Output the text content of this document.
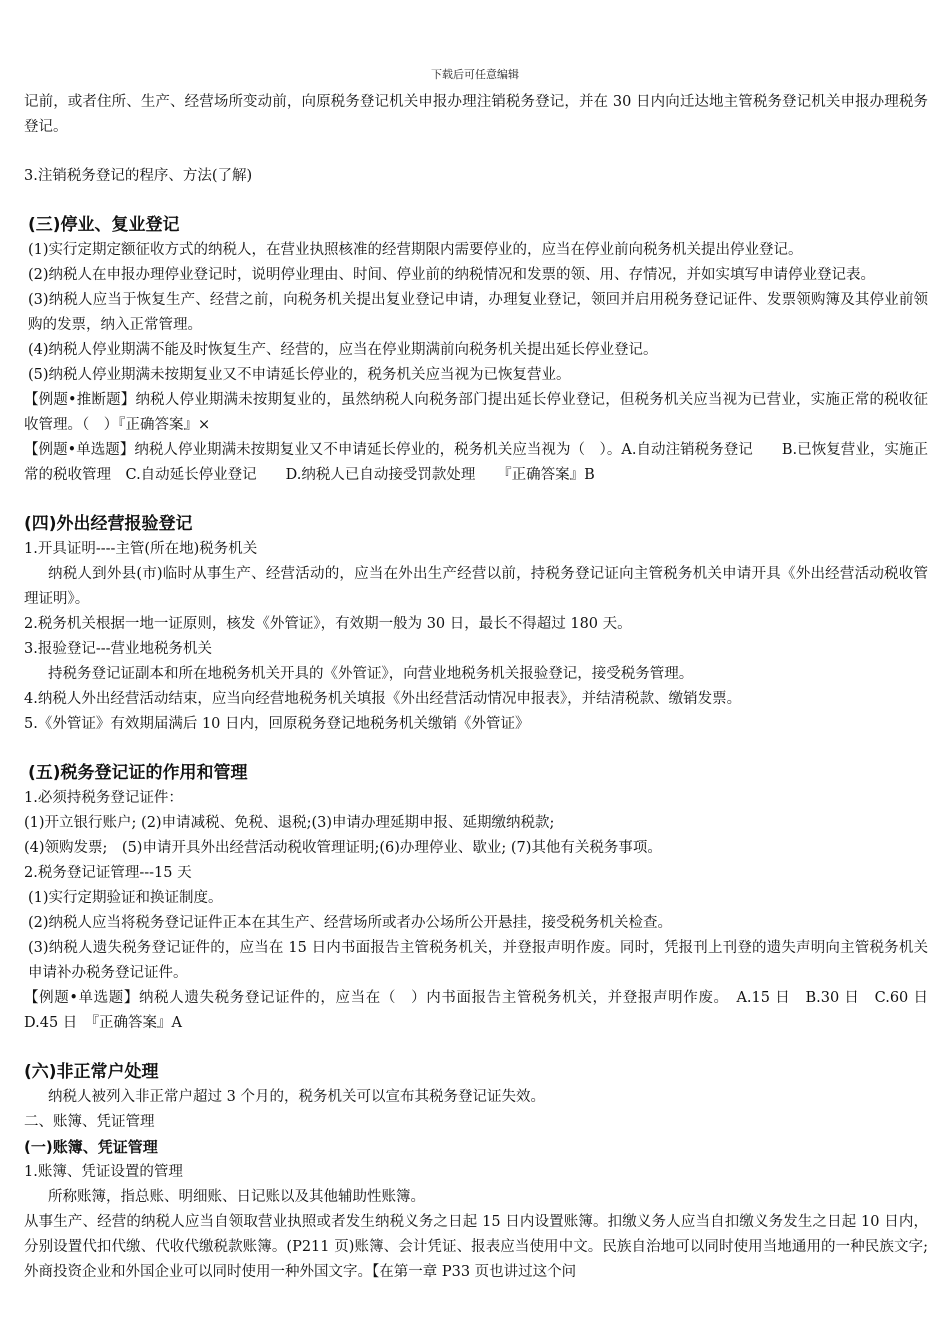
下载后可任意编辑

记前，或者住所、生产、经营场所变动前，向原税务登记机关申报办理注销税务登记，并在 30 日内向迁达地主管税务登记机关申报办理税务登记。

3.注销税务登记的程序、方法(了解)

(三)停业、复业登记

(1)实行定期定额征收方式的纳税人，在营业执照核准的经营期限内需要停业的，应当在停业前向税务机关提出停业登记。

(2)纳税人在申报办理停业登记时，说明停业理由、时间、停业前的纳税情况和发票的领、用、存情况，并如实填写申请停业登记表。

(3)纳税人应当于恢复生产、经营之前，向税务机关提出复业登记申请，办理复业登记，领回并启用税务登记证件、发票领购簿及其停业前领购的发票，纳入正常管理。

(4)纳税人停业期满不能及时恢复生产、经营的，应当在停业期满前向税务机关提出延长停业登记。

(5)纳税人停业期满未按期复业又不申请延长停业的，税务机关应当视为已恢复营业。

【例题•推断题】纳税人停业期满未按期复业的，虽然纳税人向税务部门提出延长停业登记，但税务机关应当视为已营业，实施正常的税收征收管理。（　）『正确答案』×

【例题•单选题】纳税人停业期满未按期复业又不申请延长停业的，税务机关应当视为（　）。A.自动注销税务登记　　B.已恢复营业，实施正常的税收管理　C.自动延长停业登记　　D.纳税人已自动接受罚款处理　　『正确答案』B

(四)外出经营报验登记

1.开具证明----主管(所在地)税务机关

纳税人到外县(市)临时从事生产、经营活动的，应当在外出生产经营以前，持税务登记证向主管税务机关申请开具《外出经营活动税收管理证明》。

2.税务机关根据一地一证原则，核发《外管证》，有效期一般为 30 日，最长不得超过 180 天。

3.报验登记---营业地税务机关

持税务登记证副本和所在地税务机关开具的《外管证》，向营业地税务机关报验登记，接受税务管理。

4.纳税人外出经营活动结束，应当向经营地税务机关填报《外出经营活动情况申报表》，并结清税款、缴销发票。

5.《外管证》有效期届满后 10 日内，回原税务登记地税务机关缴销《外管证》

(五)税务登记证的作用和管理

1.必须持税务登记证件：

(1)开立银行账户; (2)申请减税、免税、退税;(3)申请办理延期申报、延期缴纳税款;

(4)领购发票;　(5)申请开具外出经营活动税收管理证明;(6)办理停业、歇业; (7)其他有关税务事项。

2.税务登记证管理---15 天

(1)实行定期验证和换证制度。

(2)纳税人应当将税务登记证件正本在其生产、经营场所或者办公场所公开悬挂，接受税务机关检查。

(3)纳税人遗失税务登记证件的，应当在 15 日内书面报告主管税务机关，并登报声明作废。同时，凭报刊上刊登的遗失声明向主管税务机关申请补办税务登记证件。

【例题•单选题】纳税人遗失税务登记证件的，应当在（　）内书面报告主管税务机关，并登报声明作废。　A.15 日　B.30 日　C.60 日　D.45 日　『正确答案』A

(六)非正常户处理

纳税人被列入非正常户超过 3 个月的，税务机关可以宣布其税务登记证失效。

二、账簿、凭证管理

(一)账簿、凭证管理

1.账簿、凭证设置的管理

所称账簿，指总账、明细账、日记账以及其他辅助性账簿。

从事生产、经营的纳税人应当自领取营业执照或者发生纳税义务之日起 15 日内设置账簿。扣缴义务人应当自扣缴义务发生之日起 10 日内，分别设置代扣代缴、代收代缴税款账簿。(P211 页)账簿、会计凭证、报表应当使用中文。民族自治地可以同时使用当地通用的一种民族文字;外商投资企业和外国企业可以同时使用一种外国文字。【在第一章 P33 页也讲过这个问
